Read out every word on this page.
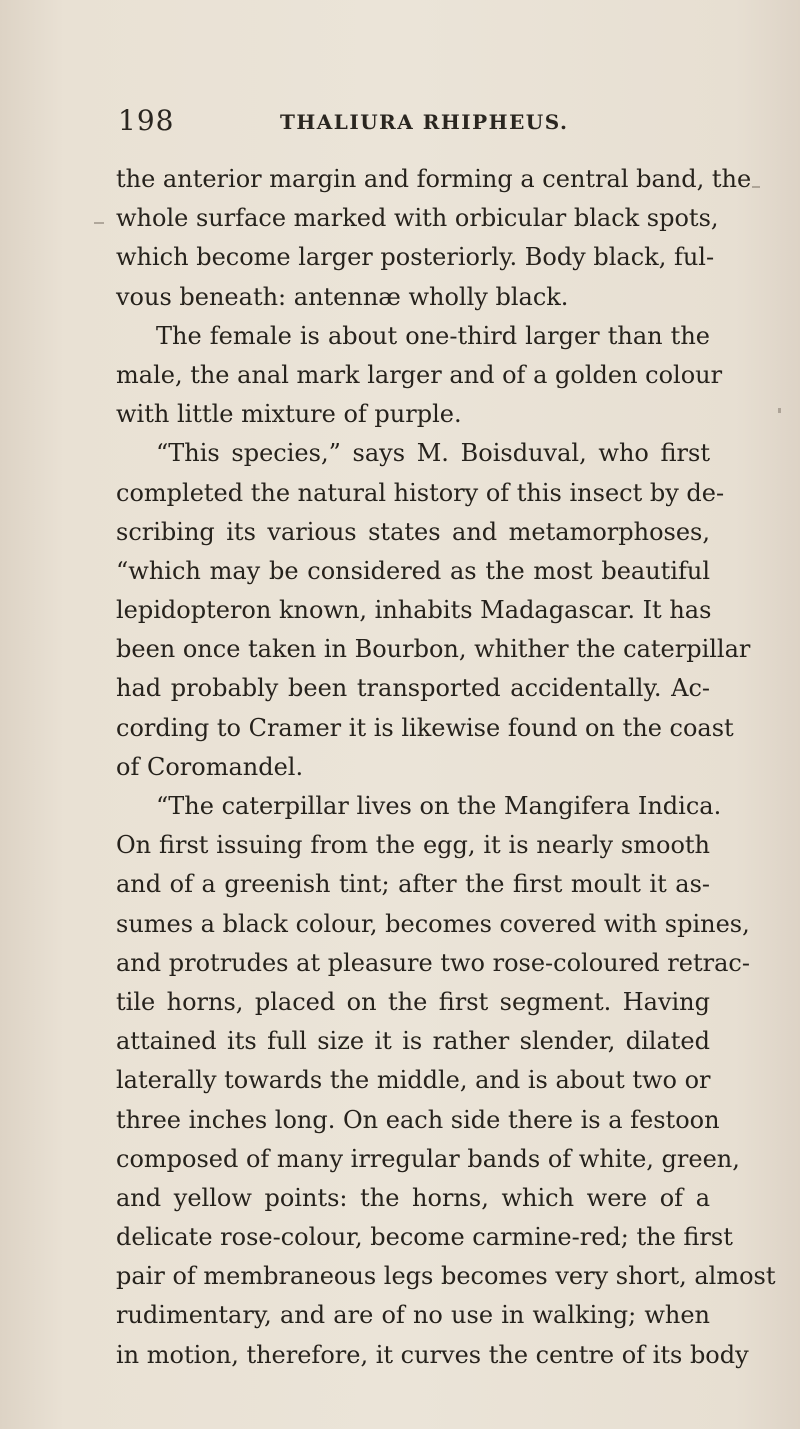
198	THALIURA RHIPHEUS.
the anterior margin and forming a central band, the
whole surface marked with orbicular black spots,
which become larger posteriorly. Body black, ful-
vous beneath: antennæ wholly black.
The female is about one-third larger than the
male, the anal mark larger and of a golden colour
with little mixture of purple.
“This species,” says M. Boisduval, who first
completed the natural history of this insect by de-
scribing its various states and metamorphoses,
“which may be considered as the most beautiful
lepidopteron known, inhabits Madagascar. It has
been once taken in Bourbon, whither the caterpillar
had probably been transported accidentally. Ac-
cording to Cramer it is likewise found on the coast
of Coromandel.
“The caterpillar lives on the Mangifera Indica.
On first issuing from the egg, it is nearly smooth
and of a greenish tint; after the first moult it as-
sumes a black colour, becomes covered with spines,
and protrudes at pleasure two rose-coloured retrac-
tile horns, placed on the first segment. Having
attained its full size it is rather slender, dilated
laterally towards the middle, and is about two or
three inches long. On each side there is a festoon
composed of many irregular bands of white, green,
and yellow points: the horns, which were of a
delicate rose-colour, become carmine-red; the first
pair of membraneous legs becomes very short, almost
rudimentary, and are of no use in walking; when
in motion, therefore, it curves the centre of its body
